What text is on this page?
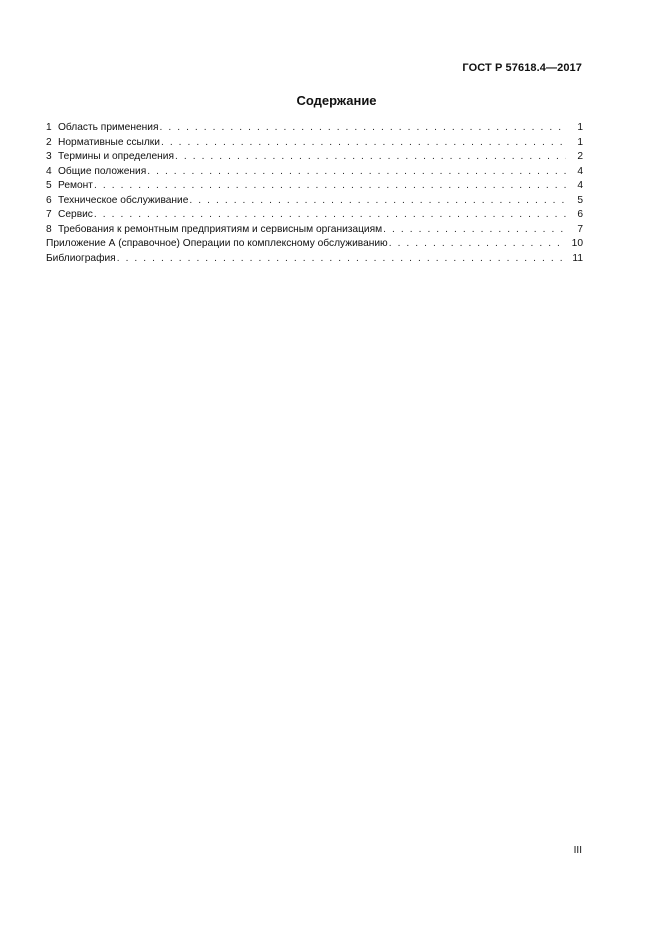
ГОСТ Р 57618.4—2017
Содержание
1 Область применения . . .	1
2 Нормативные ссылки . . .	1
3 Термины и определения . . .	2
4 Общие положения . . .	4
5 Ремонт . . .	4
6 Техническое обслуживание . . .	5
7 Сервис . . .	6
8 Требования к ремонтным предприятиям и сервисным организациям . . .	7
Приложение А (справочное) Операции по комплексному обслуживанию . . .	10
Библиография . . .	11
III
